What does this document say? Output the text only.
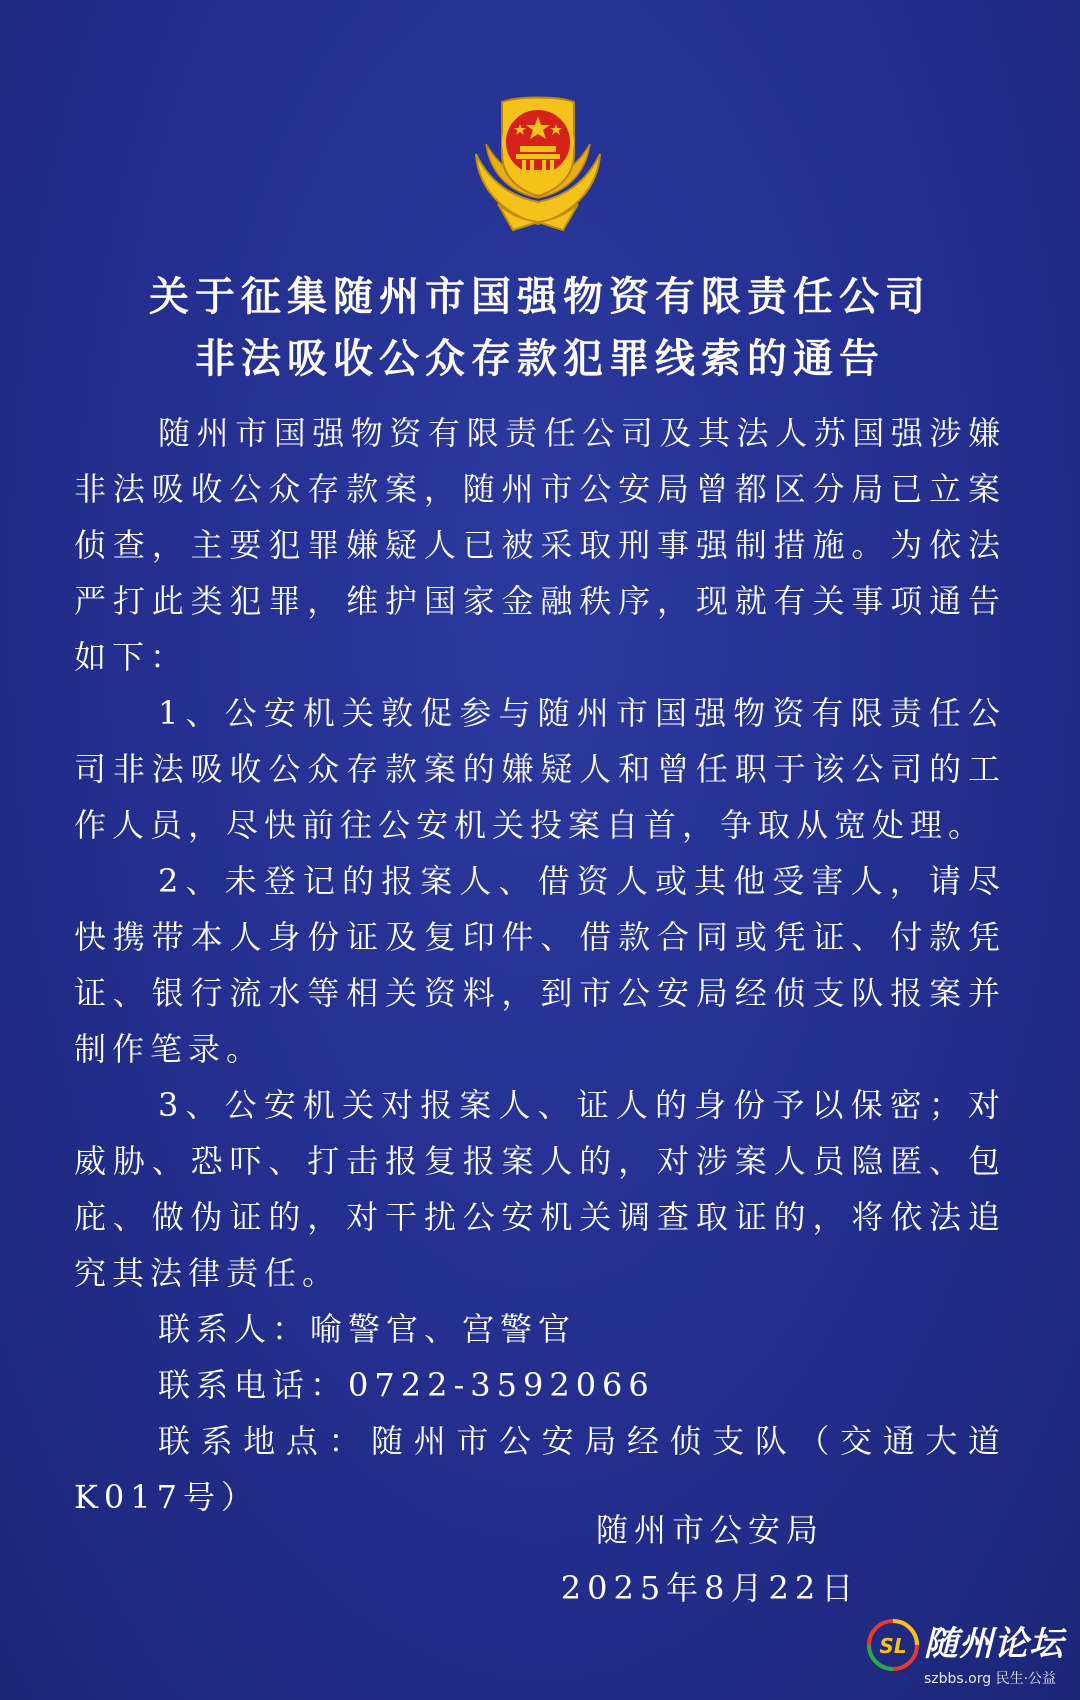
关于征集随州市国强物资有限责任公司
非法吸收公众存款犯罪线索的通告

随州市国强物资有限责任公司及其法人苏国强涉嫌非法吸收公众存款案，随州市公安局曾都区分局已立案侦查，主要犯罪嫌疑人已被采取刑事强制措施。为依法严打此类犯罪，维护国家金融秩序，现就有关事项通告如下：

1、公安机关敦促参与随州市国强物资有限责任公司非法吸收公众存款案的嫌疑人和曾任职于该公司的工作人员，尽快前往公安机关投案自首，争取从宽处理。

2、未登记的报案人、借资人或其他受害人，请尽快携带本人身份证及复印件、借款合同或凭证、付款凭证、银行流水等相关资料，到市公安局经侦支队报案并制作笔录。

3、公安机关对报案人、证人的身份予以保密；对威胁、恐吓、打击报复报案人的，对涉案人员隐匿、包庇、做伪证的，对干扰公安机关调查取证的，将依法追究其法律责任。

联系人：喻警官、宫警官

联系电话：0722-3592066

联系地点：随州市公安局经侦支队（交通大道K017号）

随州市公安局
2025年8月22日
SL 随州论坛
szbbs.org 民生·公益
